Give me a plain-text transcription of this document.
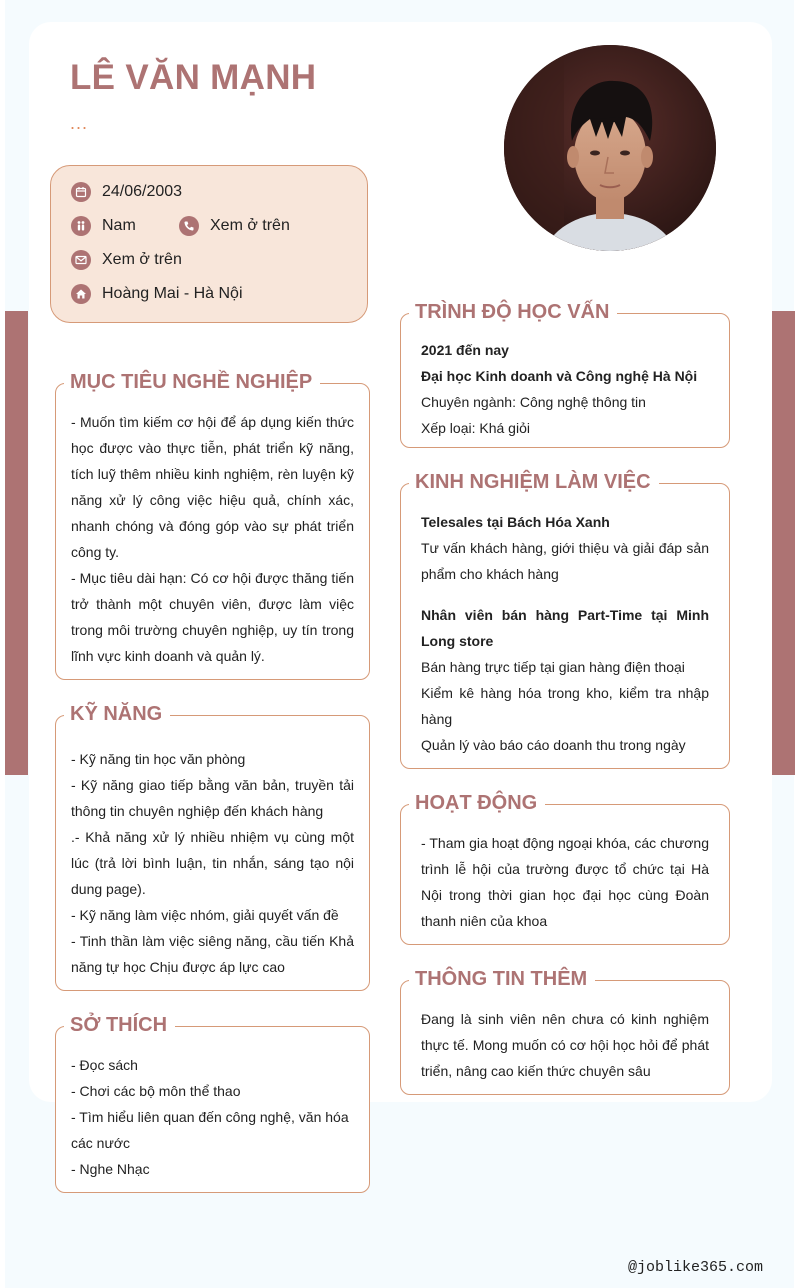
LÊ VĂN MẠNH
...
24/06/2003
Nam	Xem ở trên
Xem ở trên
Hoàng Mai - Hà Nội
MỤC TIÊU NGHỀ NGHIỆP

- Muốn tìm kiếm cơ hội để áp dụng kiến thức học được vào thực tiễn, phát triển kỹ năng, tích luỹ thêm nhiều kinh nghiệm, rèn luyện kỹ năng xử lý công việc hiệu quả, chính xác, nhanh chóng và đóng góp vào sự phát triển công ty.

- Mục tiêu dài hạn: Có cơ hội được thăng tiến trở thành một chuyên viên, được làm việc trong môi trường chuyên nghiệp, uy tín trong lĩnh vực kinh doanh và quản lý.

KỸ NĂNG

- Kỹ năng tin học văn phòng

- Kỹ năng giao tiếp bằng văn bản, truyền tải thông tin chuyên nghiệp đến khách hàng

.- Khả năng xử lý nhiều nhiệm vụ cùng một lúc (trả lời bình luận, tin nhắn, sáng tạo nội dung page).

- Kỹ năng làm việc nhóm, giải quyết vấn đề

- Tinh thần làm việc siêng năng, cầu tiến Khả năng tự học Chịu được áp lực cao

SỞ THÍCH

- Đọc sách

- Chơi các bộ môn thể thao

- Tìm hiểu liên quan đến công nghệ, văn hóa các nước

- Nghe Nhạc

TRÌNH ĐỘ HỌC VẤN

2021 đến nay

Đại học Kinh doanh và Công nghệ Hà Nội

Chuyên ngành: Công nghệ thông tin

Xếp loại: Khá giỏi

KINH NGHIỆM LÀM VIỆC

Telesales tại Bách Hóa Xanh

Tư vấn khách hàng, giới thiệu và giải đáp sản phẩm cho khách hàng

Nhân viên bán hàng Part-Time tại Minh Long store

Bán hàng trực tiếp tại gian hàng điện thoại

Kiểm kê hàng hóa trong kho, kiểm tra nhập hàng

Quản lý vào báo cáo doanh thu trong ngày

HOẠT ĐỘNG
- Tham gia hoạt động ngoại khóa, các chương trình lễ hội của trường được tổ chức tại Hà Nội trong thời gian học đại học cùng Đoàn thanh niên của khoa
THÔNG TIN THÊM
Đang là sinh viên nên chưa có kinh nghiệm thực tế. Mong muốn có cơ hội học hỏi để phát triển, nâng cao kiến thức chuyên sâu
@joblike365.com
